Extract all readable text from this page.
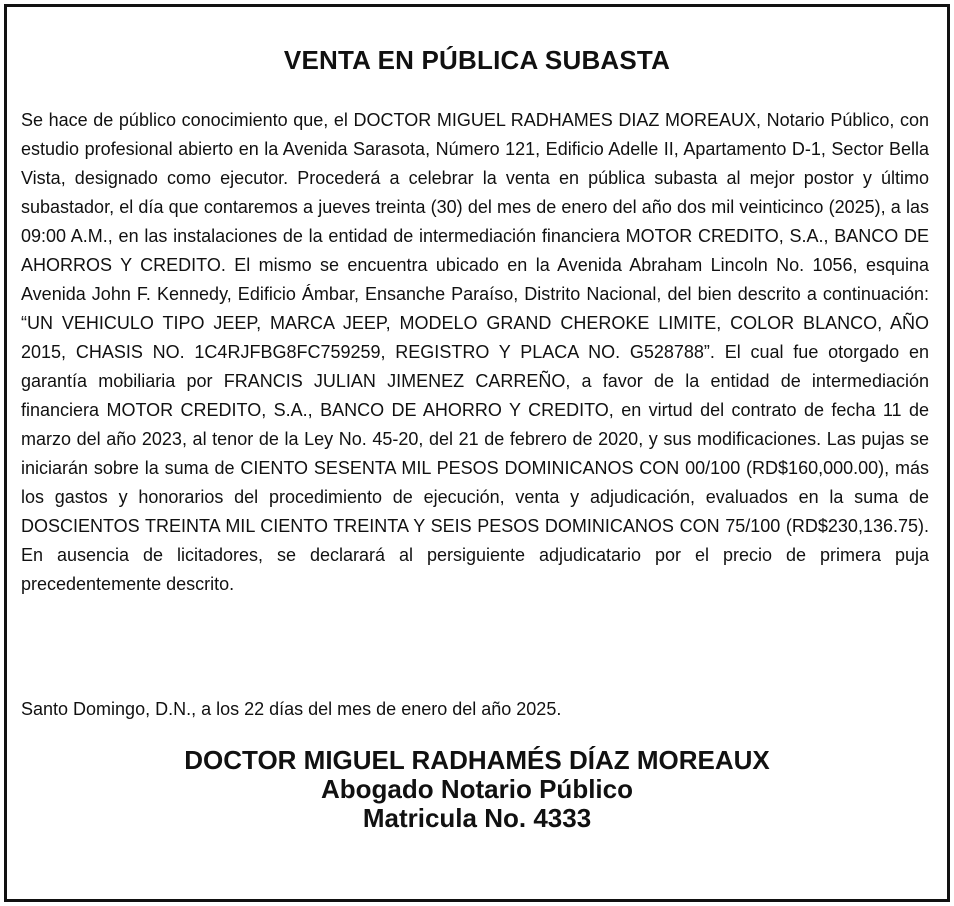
VENTA EN PÚBLICA SUBASTA

Se hace de público conocimiento que, el DOCTOR MIGUEL RADHAMES DIAZ MOREAUX, Notario Público, con estudio profesional abierto en la Avenida Sarasota, Número 121, Edificio Adelle II, Apartamento D-1, Sector Bella Vista, designado como ejecutor. Procederá a celebrar la venta en pública subasta al mejor postor y último subastador, el día que contaremos a jueves treinta (30) del mes de enero del año dos mil veinticinco (2025), a las 09:00 A.M., en las instalaciones de la entidad de intermediación financiera MOTOR CREDITO, S.A., BANCO DE AHORROS Y CREDITO. El mismo se encuentra ubicado en la Avenida Abraham Lincoln No. 1056, esquina Avenida John F. Kennedy, Edificio Ámbar, Ensanche Paraíso, Distrito Nacional, del bien descrito a continuación: “UN VEHICULO TIPO JEEP, MARCA JEEP, MODELO GRAND CHEROKE LIMITE, COLOR BLANCO, AÑO 2015, CHASIS NO. 1C4RJFBG8FC759259, REGISTRO Y PLACA NO. G528788”. El cual fue otorgado en garantía mobiliaria por FRANCIS JULIAN JIMENEZ CARREÑO, a favor de la entidad de intermediación financiera MOTOR CREDITO, S.A., BANCO DE AHORRO Y CREDITO, en virtud del contrato de fecha 11 de marzo del año 2023, al tenor de la Ley No. 45-20, del 21 de febrero de 2020, y sus modificaciones. Las pujas se iniciarán sobre la suma de CIENTO SESENTA MIL PESOS DOMINICANOS CON 00/100 (RD$160,000.00), más los gastos y honorarios del procedimiento de ejecución, venta y adjudicación, evaluados en la suma de DOSCIENTOS TREINTA MIL CIENTO TREINTA Y SEIS PESOS DOMINICANOS CON 75/100 (RD$230,136.75). En ausencia de licitadores, se declarará al persiguiente adjudicatario por el precio de primera puja precedentemente descrito.

Santo Domingo, D.N., a los 22 días del mes de enero del año 2025.

DOCTOR MIGUEL RADHAMÉS DÍAZ MOREAUX
Abogado Notario Público
Matricula No. 4333
